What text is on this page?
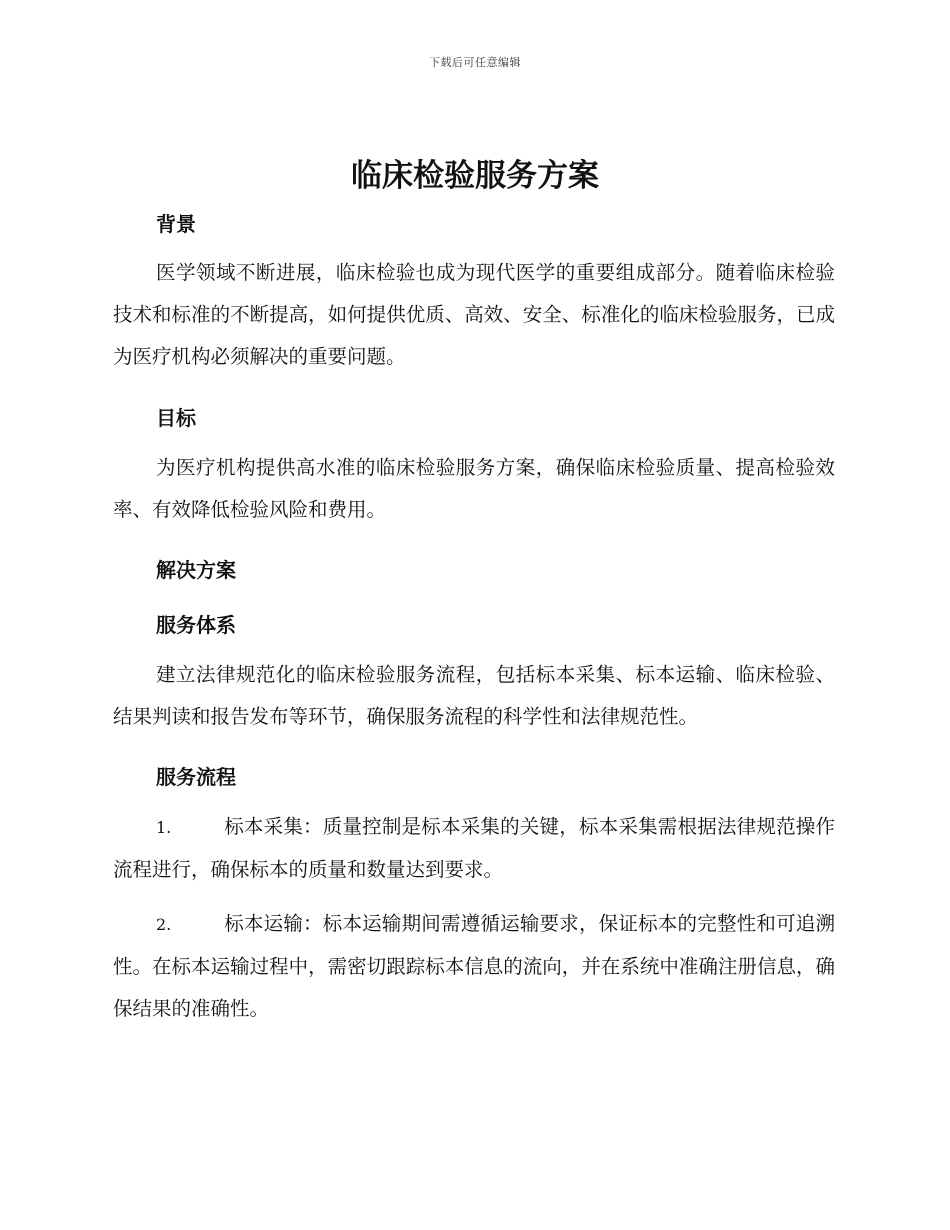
下载后可任意编辑
临床检验服务方案
背景

医学领域不断进展，临床检验也成为现代医学的重要组成部分。随着临床检验技术和标准的不断提高，如何提供优质、高效、安全、标准化的临床检验服务，已成为医疗机构必须解决的重要问题。

目标

为医疗机构提供高水准的临床检验服务方案，确保临床检验质量、提高检验效率、有效降低检验风险和费用。

解决方案
服务体系

建立法律规范化的临床检验服务流程，包括标本采集、标本运输、临床检验、结果判读和报告发布等环节，确保服务流程的科学性和法律规范性。

服务流程

1.	标本采集：质量控制是标本采集的关键，标本采集需根据法律规范操作流程进行，确保标本的质量和数量达到要求。

2.	标本运输：标本运输期间需遵循运输要求，保证标本的完整性和可追溯性。在标本运输过程中，需密切跟踪标本信息的流向，并在系统中准确注册信息，确保结果的准确性。
